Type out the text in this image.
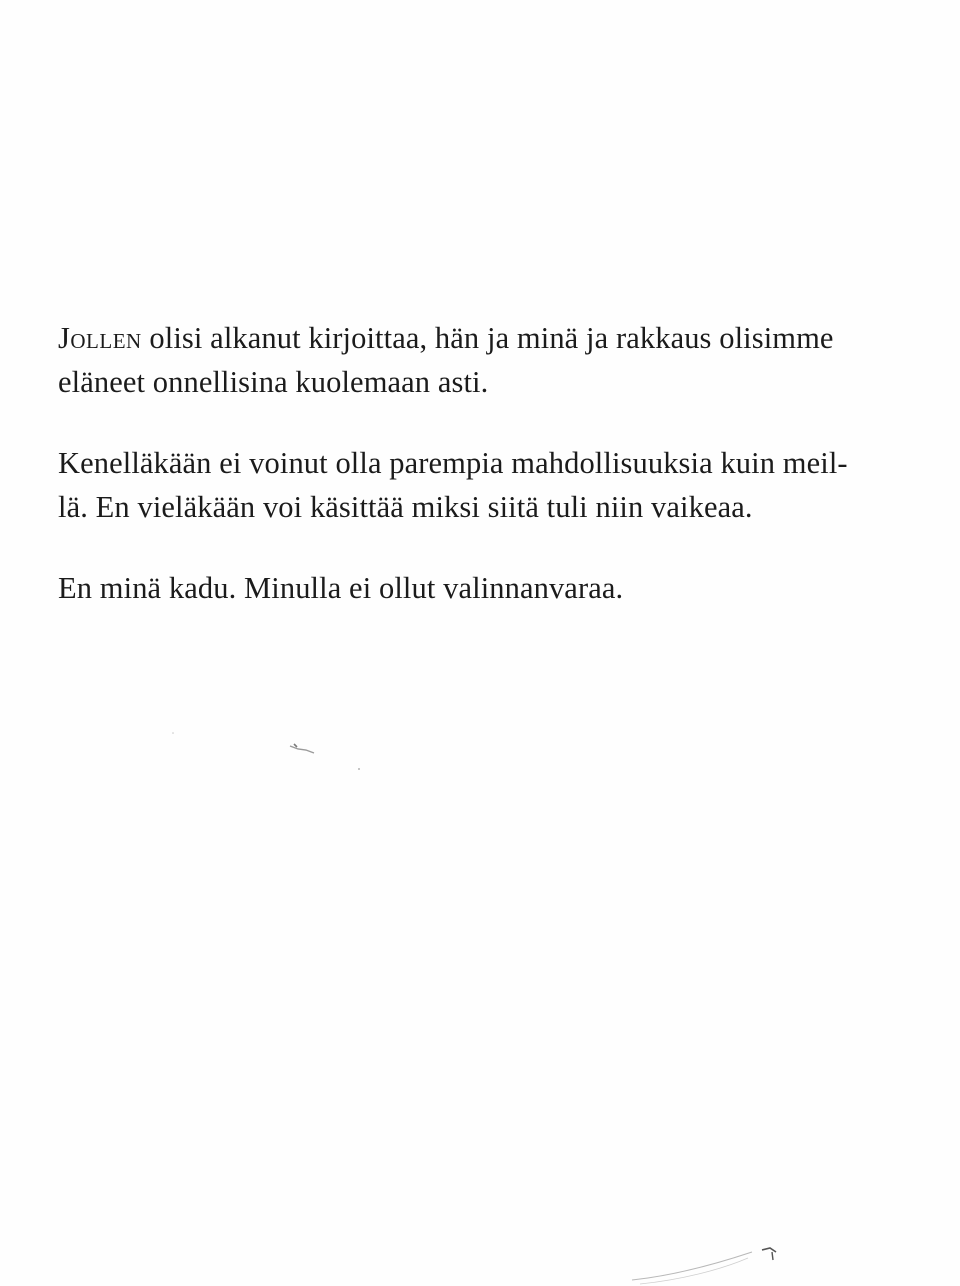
Jollen olisi alkanut kirjoittaa, hän ja minä ja rakkaus olisimme
eläneet onnellisina kuolemaan asti.

Kenelläkään ei voinut olla parempia mahdollisuuksia kuin meil-
lä. En vieläkään voi käsittää miksi siitä tuli niin vaikeaa.

En minä kadu. Minulla ei ollut valinnanvaraa.
